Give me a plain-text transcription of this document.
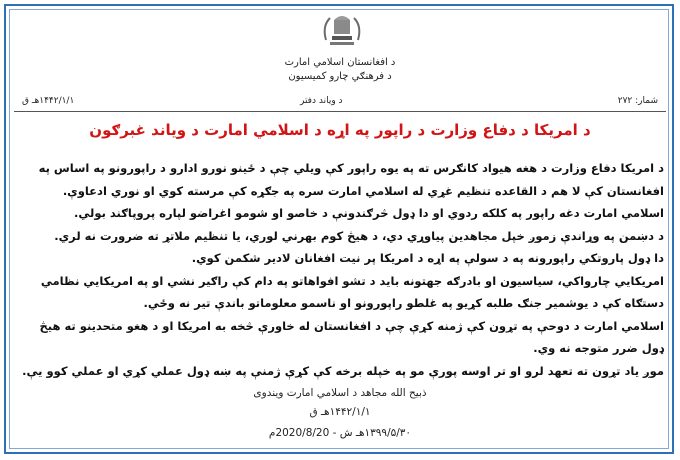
د افغانستان اسلامي امارت
د فرهنګي چارو کميسيون
شمار: ۲۷۲
د ویاند دفتر
۱۴۴۲/۱/۱هـ ق
د امریکا د دفاع وزارت د راپور په اړه د اسلامي امارت د ویاند غبرګون

د امریکا دفاع وزارت د هغه هیواد کانګرس ته په یوه راپور کې ویلي چې د ځینو نورو ادارو د راپورونو په اساس په افغانستان کې لا هم د القاعده تنظیم غړي له اسلامي امارت سره په جګړه کې مرسته کوي او نوري ادعاوې.

اسلامي امارت دغه راپور په کلکه ردوي او دا ډول څرګندونې د خاصو او شومو اغراضو لپاره پروپاګند بولي.

د دښمن په وړاندې زموږ خپل مجاهدین پیاوړي دي، د هیڅ کوم بهرني لوري، یا تنظیم ملاتړ ته ضرورت نه لري.

دا ډول پاروتکي راپورونه په د سولې په اړه د امریکا پر نیت افغانان لادیر شکمن کوي.

امریکايي چارواکي، سیاسیون او بادرګه جهتونه باید د تشو افواهاتو په دام کې راګیر نشي او په امریکايي نظامي دستګاه کې د یوشمیر جنګ طلبه کړیو په غلطو راپورونو او ناسمو معلوماتو باندې تیر نه وځي.

اسلامي امارت د دوحې په تړون کې ژمنه کړې چې د افغانستان له خاورې څخه به امریکا او د هغو متحدینو ته هیڅ ډول ضرر متوجه نه وي.

موږ یاد تړون ته تعهد لرو او تر اوسه پورې مو په خپله برخه کې کړې ژمنې په ښه ډول عملي کړي او عملي کوو یې.

ذبیح الله مجاهد د اسلامي امارت ویندوی
۱۴۴۲/۱/۱هـ ق
۱۳۹۹/۵/۳۰هـ ش - 2020/8/20م
